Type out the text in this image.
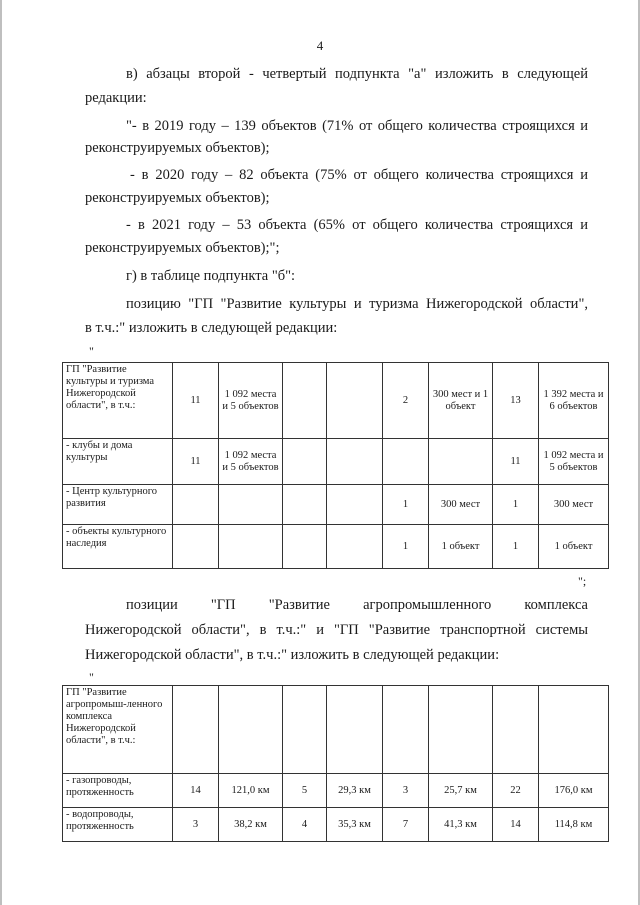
4
в) абзацы второй - четвертый подпункта "а" изложить в следующей
редакции:
"- в 2019 году – 139 объектов (71% от общего количества строящихся и
реконструируемых объектов);
- в 2020 году – 82 объекта (75% от общего количества строящихся и
реконструируемых объектов);
- в 2021 году – 53 объекта (65% от общего количества строящихся и
реконструируемых объектов);";
г) в таблице подпункта "б":
позицию "ГП "Развитие культуры и туризма Нижегородской области",
в т.ч.:" изложить в следующей редакции:
"
ГП "Развитие культуры и туризма Нижегородской области", в т.ч.:	11	1 092 места и 5 объектов			2	300 мест и 1 объект	13	1 392 места и 6 объектов
- клубы и дома культуры	11	1 092 места и 5 объектов					11	1 092 места и 5 объектов
- Центр культурного развития					1	300 мест	1	300 мест
- объекты культурного наследия					1	1 объект	1	1 объект
";
позиции "ГП "Развитие агропромышленного комплекса
Нижегородской области", в т.ч.:" и "ГП "Развитие транспортной системы
Нижегородской области", в т.ч.:" изложить в следующей редакции:
"
ГП "Развитие агропромыш-ленного комплекса Нижегородской области", в т.ч.:								
- газопроводы, протяженность	14	121,0 км	5	29,3 км	3	25,7 км	22	176,0 км
- водопроводы, протяженность	3	38,2 км	4	35,3 км	7	41,3 км	14	114,8 км
